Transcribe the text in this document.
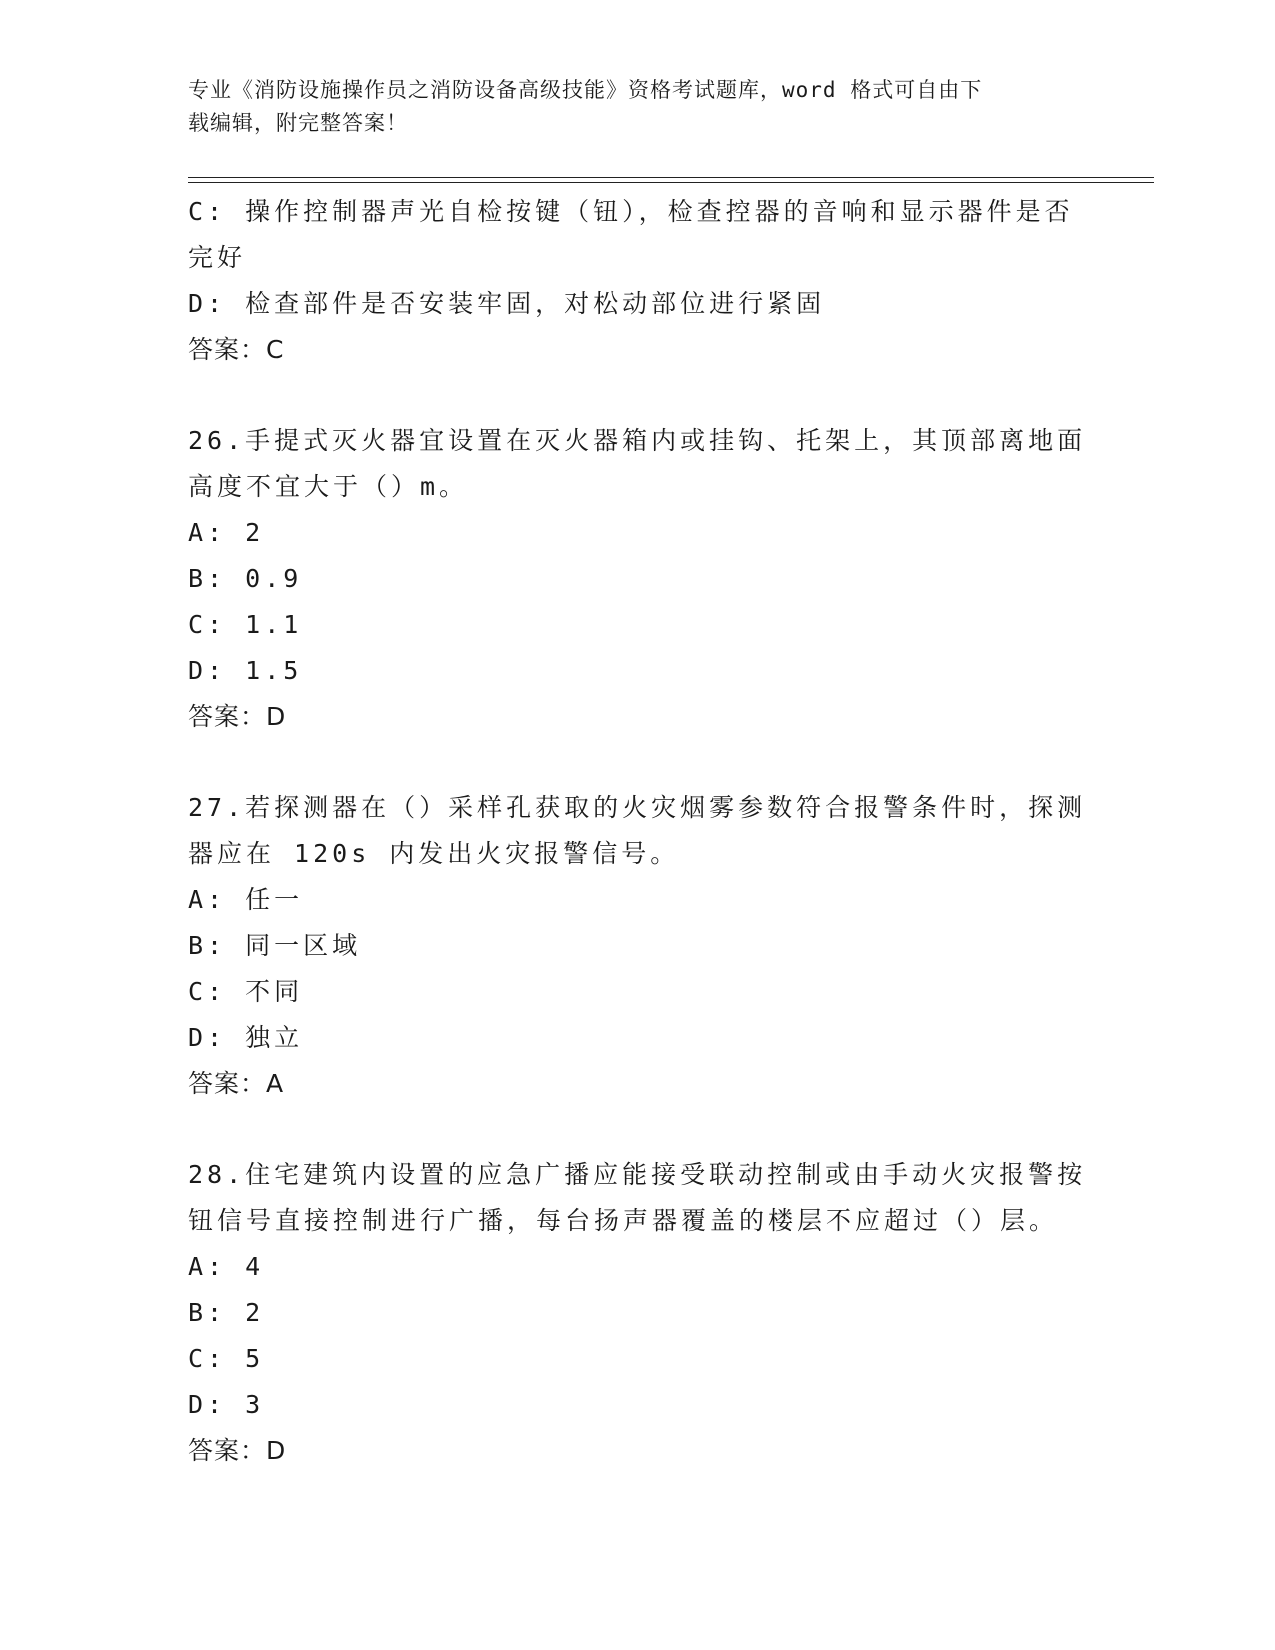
专业《消防设施操作员之消防设备高级技能》资格考试题库，word 格式可自由下
载编辑，附完整答案！
C: 操作控制器声光自检按键（钮），检查控器的音响和显示器件是否
完好
D: 检查部件是否安装牢固，对松动部位进行紧固
答案：C
26.手提式灭火器宜设置在灭火器箱内或挂钩、托架上，其顶部离地面
高度不宜大于（）m。
A: 2
B: 0.9
C: 1.1
D: 1.5
答案：D
27.若探测器在（）采样孔获取的火灾烟雾参数符合报警条件时，探测
器应在 120s 内发出火灾报警信号。
A: 任一
B: 同一区域
C: 不同
D: 独立
答案：A
28.住宅建筑内设置的应急广播应能接受联动控制或由手动火灾报警按
钮信号直接控制进行广播，每台扬声器覆盖的楼层不应超过（）层。
A: 4
B: 2
C: 5
D: 3
答案：D
